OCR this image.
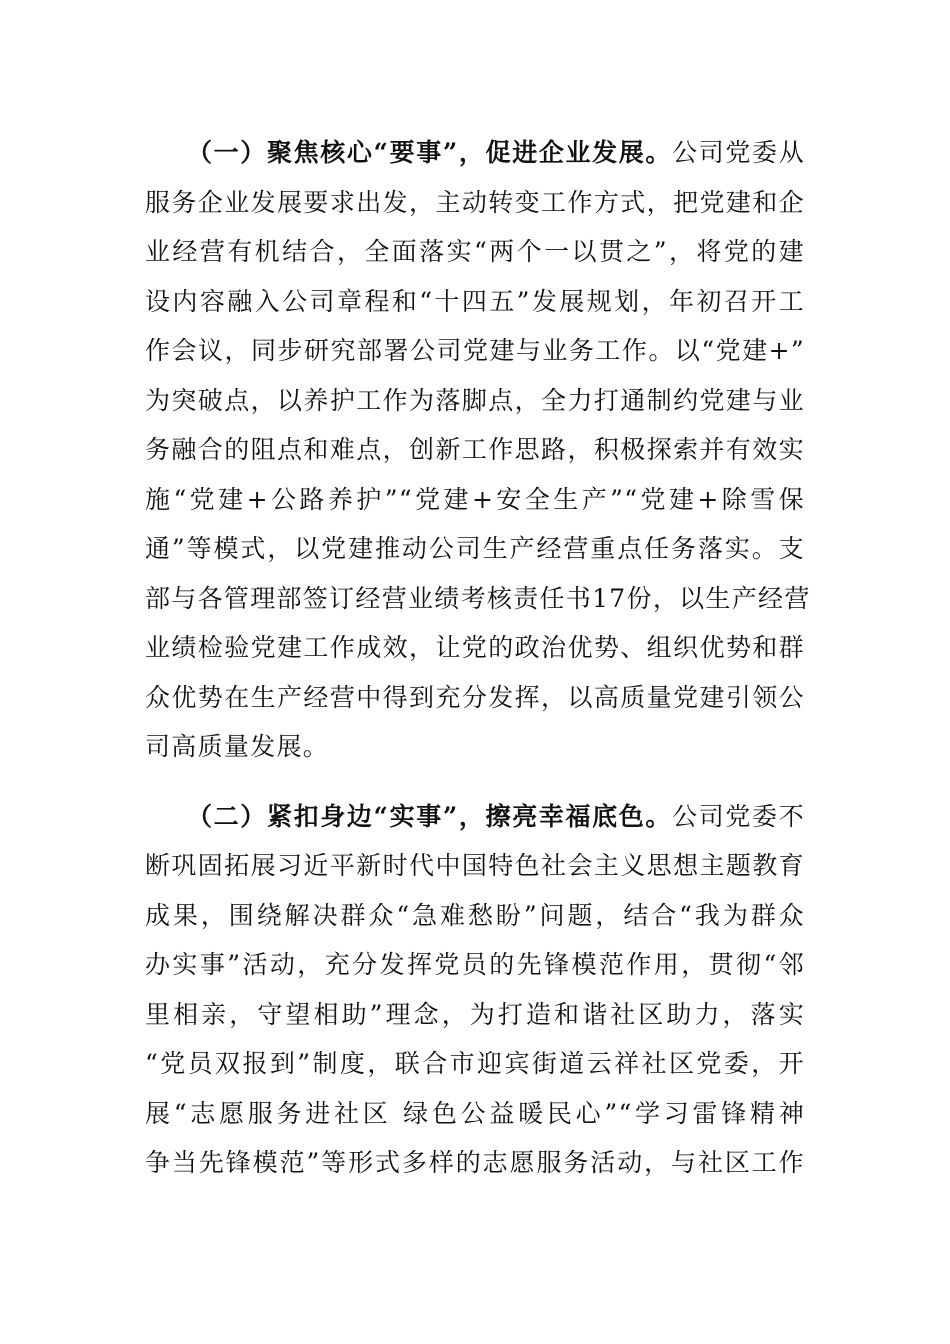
（一）聚焦核心“要事”，促进企业发展。公司党委从
服务企业发展要求出发，主动转变工作方式，把党建和企
业经营有机结合，全面落实“两个一以贯之”，将党的建
设内容融入公司章程和“十四五”发展规划，年初召开工
作会议，同步研究部署公司党建与业务工作。以“党建+”
为突破点，以养护工作为落脚点，全力打通制约党建与业
务融合的阻点和难点，创新工作思路，积极探索并有效实
施“党建+公路养护”“党建+安全生产”“党建+除雪保
通”等模式，以党建推动公司生产经营重点任务落实。支
部与各管理部签订经营业绩考核责任书17份，以生产经营
业绩检验党建工作成效，让党的政治优势、组织优势和群
众优势在生产经营中得到充分发挥，以高质量党建引领公
司高质量发展。
（二）紧扣身边“实事”，擦亮幸福底色。公司党委不
断巩固拓展习近平新时代中国特色社会主义思想主题教育
成果，围绕解决群众“急难愁盼”问题，结合“我为群众
办实事”活动，充分发挥党员的先锋模范作用，贯彻“邻
里相亲，守望相助”理念，为打造和谐社区助力，落实
“党员双报到”制度，联合市迎宾街道云祥社区党委，开
展“志愿服务进社区 绿色公益暖民心”“学习雷锋精神
争当先锋模范”等形式多样的志愿服务活动，与社区工作
